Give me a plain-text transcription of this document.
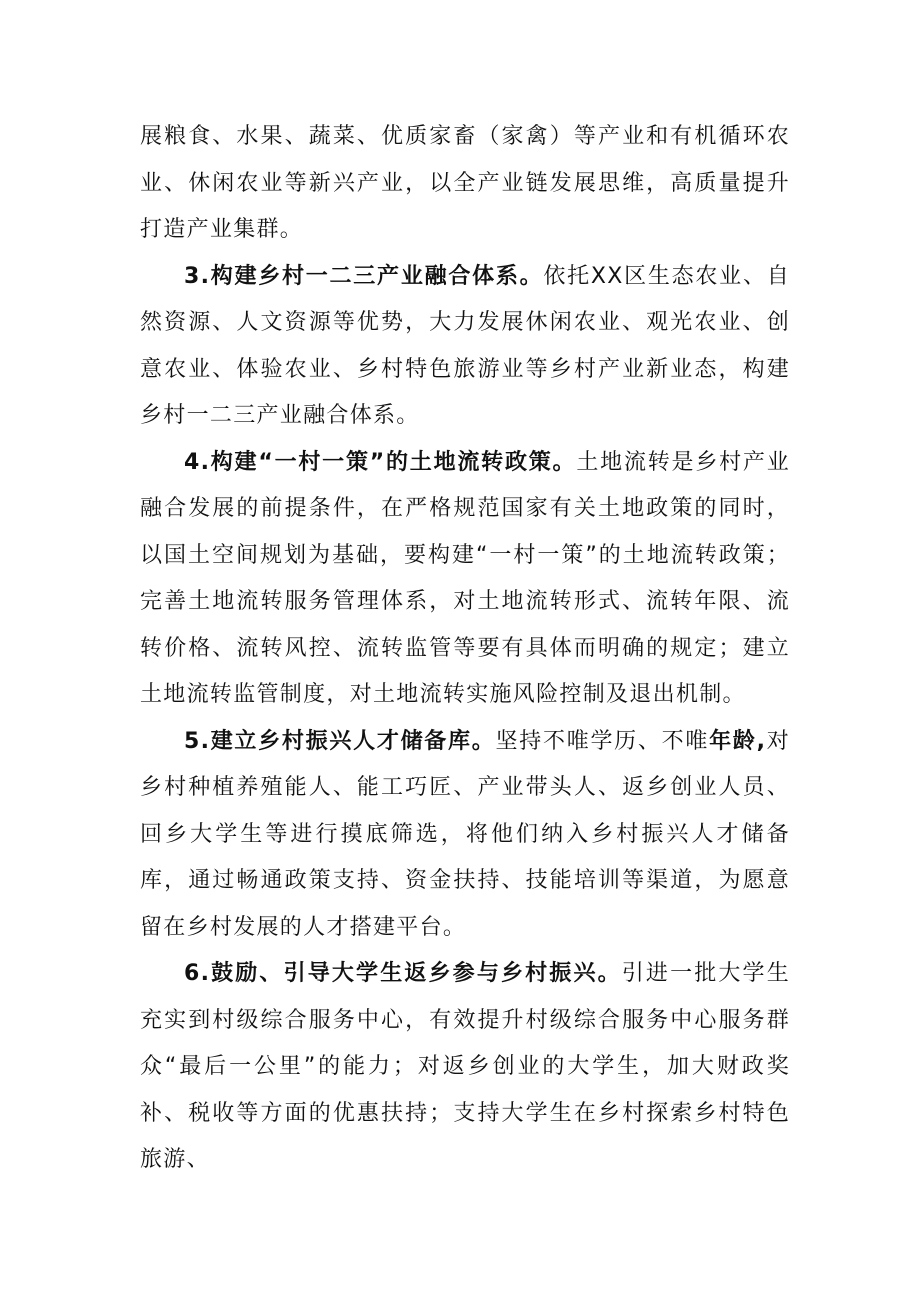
展粮食、水果、蔬菜、优质家畜（家禽）等产业和有机循环农业、休闲农业等新兴产业，以全产业链发展思维，高质量提升打造产业集群。

3.构建乡村一二三产业融合体系。依托XX区生态农业、自然资源、人文资源等优势，大力发展休闲农业、观光农业、创意农业、体验农业、乡村特色旅游业等乡村产业新业态，构建乡村一二三产业融合体系。

4.构建“一村一策”的土地流转政策。土地流转是乡村产业融合发展的前提条件，在严格规范国家有关土地政策的同时，以国土空间规划为基础，要构建“一村一策”的土地流转政策；完善土地流转服务管理体系，对土地流转形式、流转年限、流转价格、流转风控、流转监管等要有具体而明确的规定；建立土地流转监管制度，对土地流转实施风险控制及退出机制。

5.建立乡村振兴人才储备库。坚持不唯学历、不唯年龄,对乡村种植养殖能人、能工巧匠、产业带头人、返乡创业人员、回乡大学生等进行摸底筛选，将他们纳入乡村振兴人才储备库，通过畅通政策支持、资金扶持、技能培训等渠道，为愿意留在乡村发展的人才搭建平台。

6.鼓励、引导大学生返乡参与乡村振兴。引进一批大学生充实到村级综合服务中心，有效提升村级综合服务中心服务群众“最后一公里”的能力；对返乡创业的大学生，加大财政奖补、税收等方面的优惠扶持；支持大学生在乡村探索乡村特色旅游、
